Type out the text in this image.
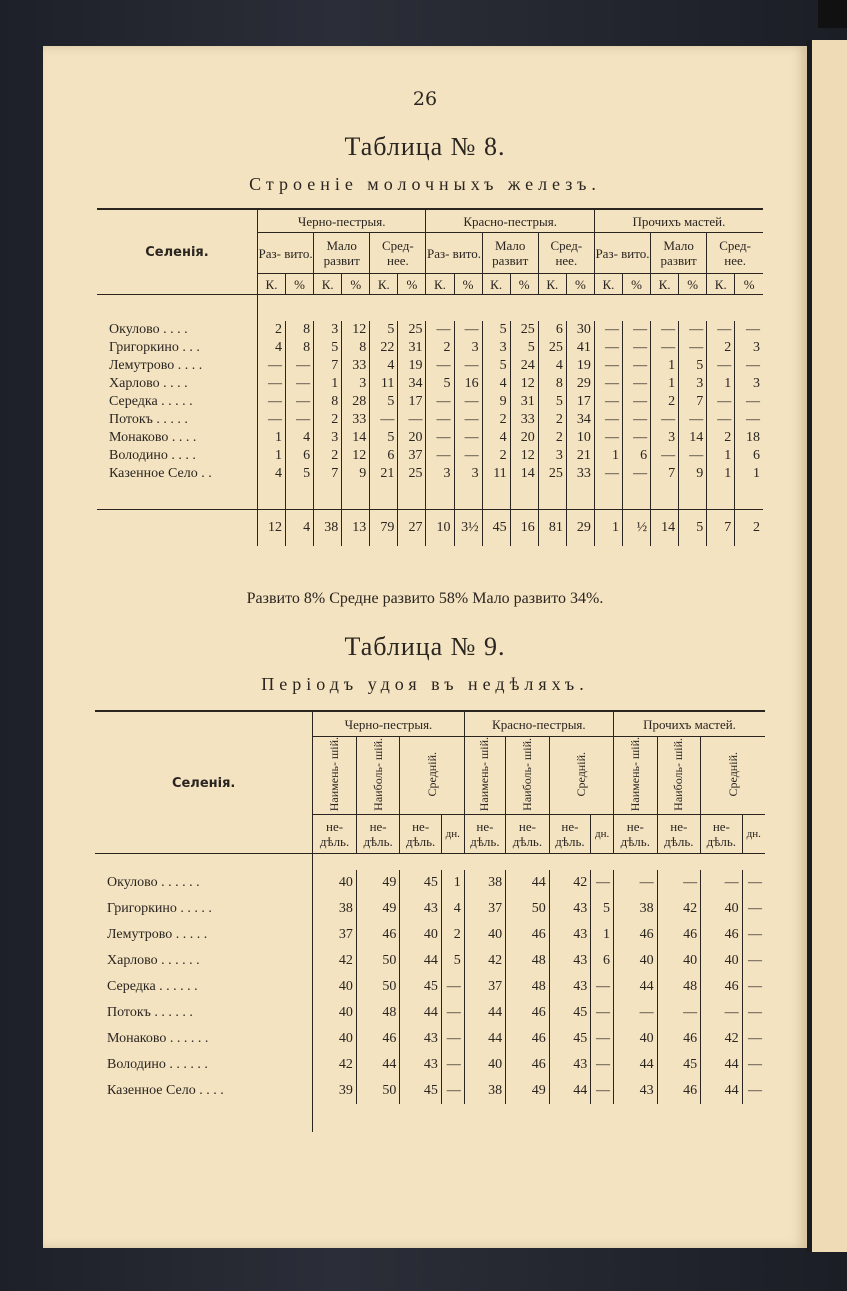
26
Таблица № 8.
Строеніе молочныхъ железъ.
Селенія.	Черно-пестрыя.						Красно-пестрыя.						Прочихъ мастей.					
	Раз- вито.		Мало развит		Сред- нее.		Раз- вито.		Мало развит		Сред- нее.		Раз- вито.		Мало развит		Сред- нее.	
	К.	%	К.	%	К.	%	К.	%	К.	%	К.	%	К.	%	К.	%	К.	%

Окулово . . . .	2	8	3	12	5	25	—	—	5	25	6	30	—	—	—	—	—	—
Григоркино . . .	4	8	5	8	22	31	2	3	3	5	25	41	—	—	—	—	2	3
Лемутрово . . . .	—	—	7	33	4	19	—	—	5	24	4	19	—	—	1	5	—	—
Харлово . . . .	—	—	1	3	11	34	5	16	4	12	8	29	—	—	1	3	1	3
Середка . . . . .	—	—	8	28	5	17	—	—	9	31	5	17	—	—	2	7	—	—
Потокъ . . . . .	—	—	2	33	—	—	—	—	2	33	2	34	—	—	—	—	—	—
Монаково . . . .	1	4	3	14	5	20	—	—	4	20	2	10	—	—	3	14	2	18
Володино . . . .	1	6	2	12	6	37	—	—	2	12	3	21	1	6	—	—	1	6
Казенное Село . .	4	5	7	9	21	25	3	3	11	14	25	33	—	—	7	9	1	1

	12	4	38	13	79	27	10	3½	45	16	81	29	1	½	14	5	7	2
Развито 8% Средне развито 58% Мало развито 34%.
Таблица № 9.
Періодъ удоя въ недѣляхъ.
Селенія.	Черно-пестрыя.				Красно-пестрыя.				Прочихъ мастей.			
	Наимень- шій.	Наиболь- шій.	Средній.		Наимень- шій.	Наиболь- шій.	Средній.		Наимень- шій.	Наиболь- шій.	Средній.	
	не- дѣль.	не- дѣль.	не- дѣль.	дн.	не- дѣль.	не- дѣль.	не- дѣль.	дн.	не- дѣль.	не- дѣль.	не- дѣль.	дн.

Окулово . . . . . .	40	49	45	1	38	44	42	—	—	—	—	—
Григоркино . . . . .	38	49	43	4	37	50	43	5	38	42	40	—
Лемутрово . . . . .	37	46	40	2	40	46	43	1	46	46	46	—
Харлово . . . . . .	42	50	44	5	42	48	43	6	40	40	40	—
Середка . . . . . .	40	50	45	—	37	48	43	—	44	48	46	—
Потокъ . . . . . .	40	48	44	—	44	46	45	—	—	—	—	—
Монаково . . . . . .	40	46	43	—	44	46	45	—	40	46	42	—
Володино . . . . . .	42	44	43	—	40	46	43	—	44	45	44	—
Казенное Село . . . .	39	50	45	—	38	49	44	—	43	46	44	—
